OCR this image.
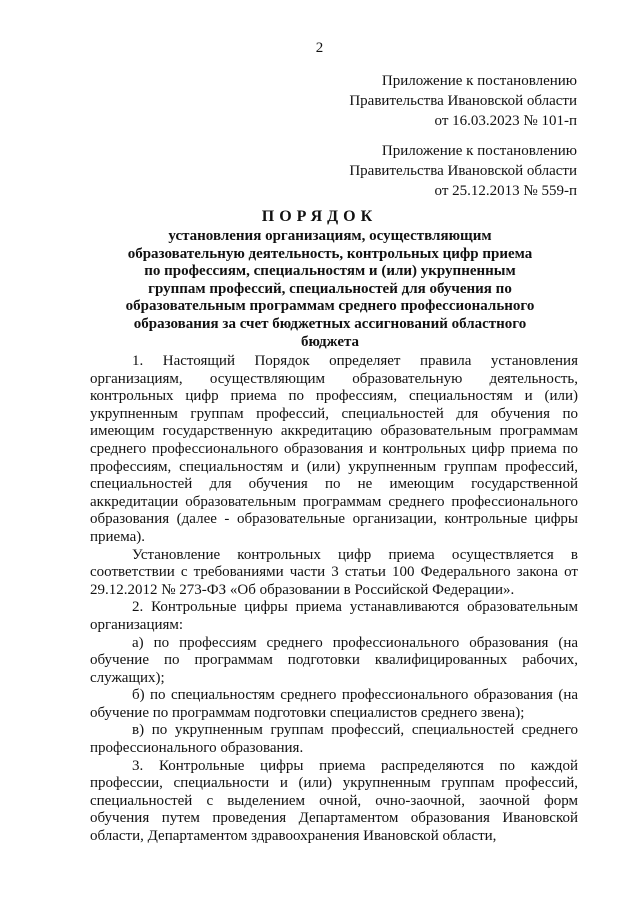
2
Приложение к постановлению
Правительства Ивановской области
от 16.03.2023 № 101-п
Приложение к постановлению
Правительства Ивановской области
от 25.12.2013 № 559-п
ПОРЯДОК
установления организациям, осуществляющим образовательную деятельность, контрольных цифр приема по профессиям, специальностям и (или) укрупненным группам профессий, специальностей для обучения по образовательным программам среднего профессионального образования за счет бюджетных ассигнований областного бюджета

1. Настоящий Порядок определяет правила установления организациям, осуществляющим образовательную деятельность, контрольных цифр приема по профессиям, специальностям и (или) укрупненным группам профессий, специальностей для обучения по имеющим государственную аккредитацию образовательным программам среднего профессионального образования и контрольных цифр приема по профессиям, специальностям и (или) укрупненным группам профессий, специальностей для обучения по не имеющим государственной аккредитации образовательным программам среднего профессионального образования (далее - образовательные организации, контрольные цифры приема).

Установление контрольных цифр приема осуществляется в соответствии с требованиями части 3 статьи 100 Федерального закона от 29.12.2012 № 273-ФЗ «Об образовании в Российской Федерации».

2. Контрольные цифры приема устанавливаются образовательным организациям:

а) по профессиям среднего профессионального образования (на обучение по программам подготовки квалифицированных рабочих, служащих);

б) по специальностям среднего профессионального образования (на обучение по программам подготовки специалистов среднего звена);

в) по укрупненным группам профессий, специальностей среднего профессионального образования.

3. Контрольные цифры приема распределяются по каждой профессии, специальности и (или) укрупненным группам профессий, специальностей с выделением очной, очно-заочной, заочной форм обучения путем проведения Департаментом образования Ивановской области, Департаментом здравоохранения Ивановской области,
